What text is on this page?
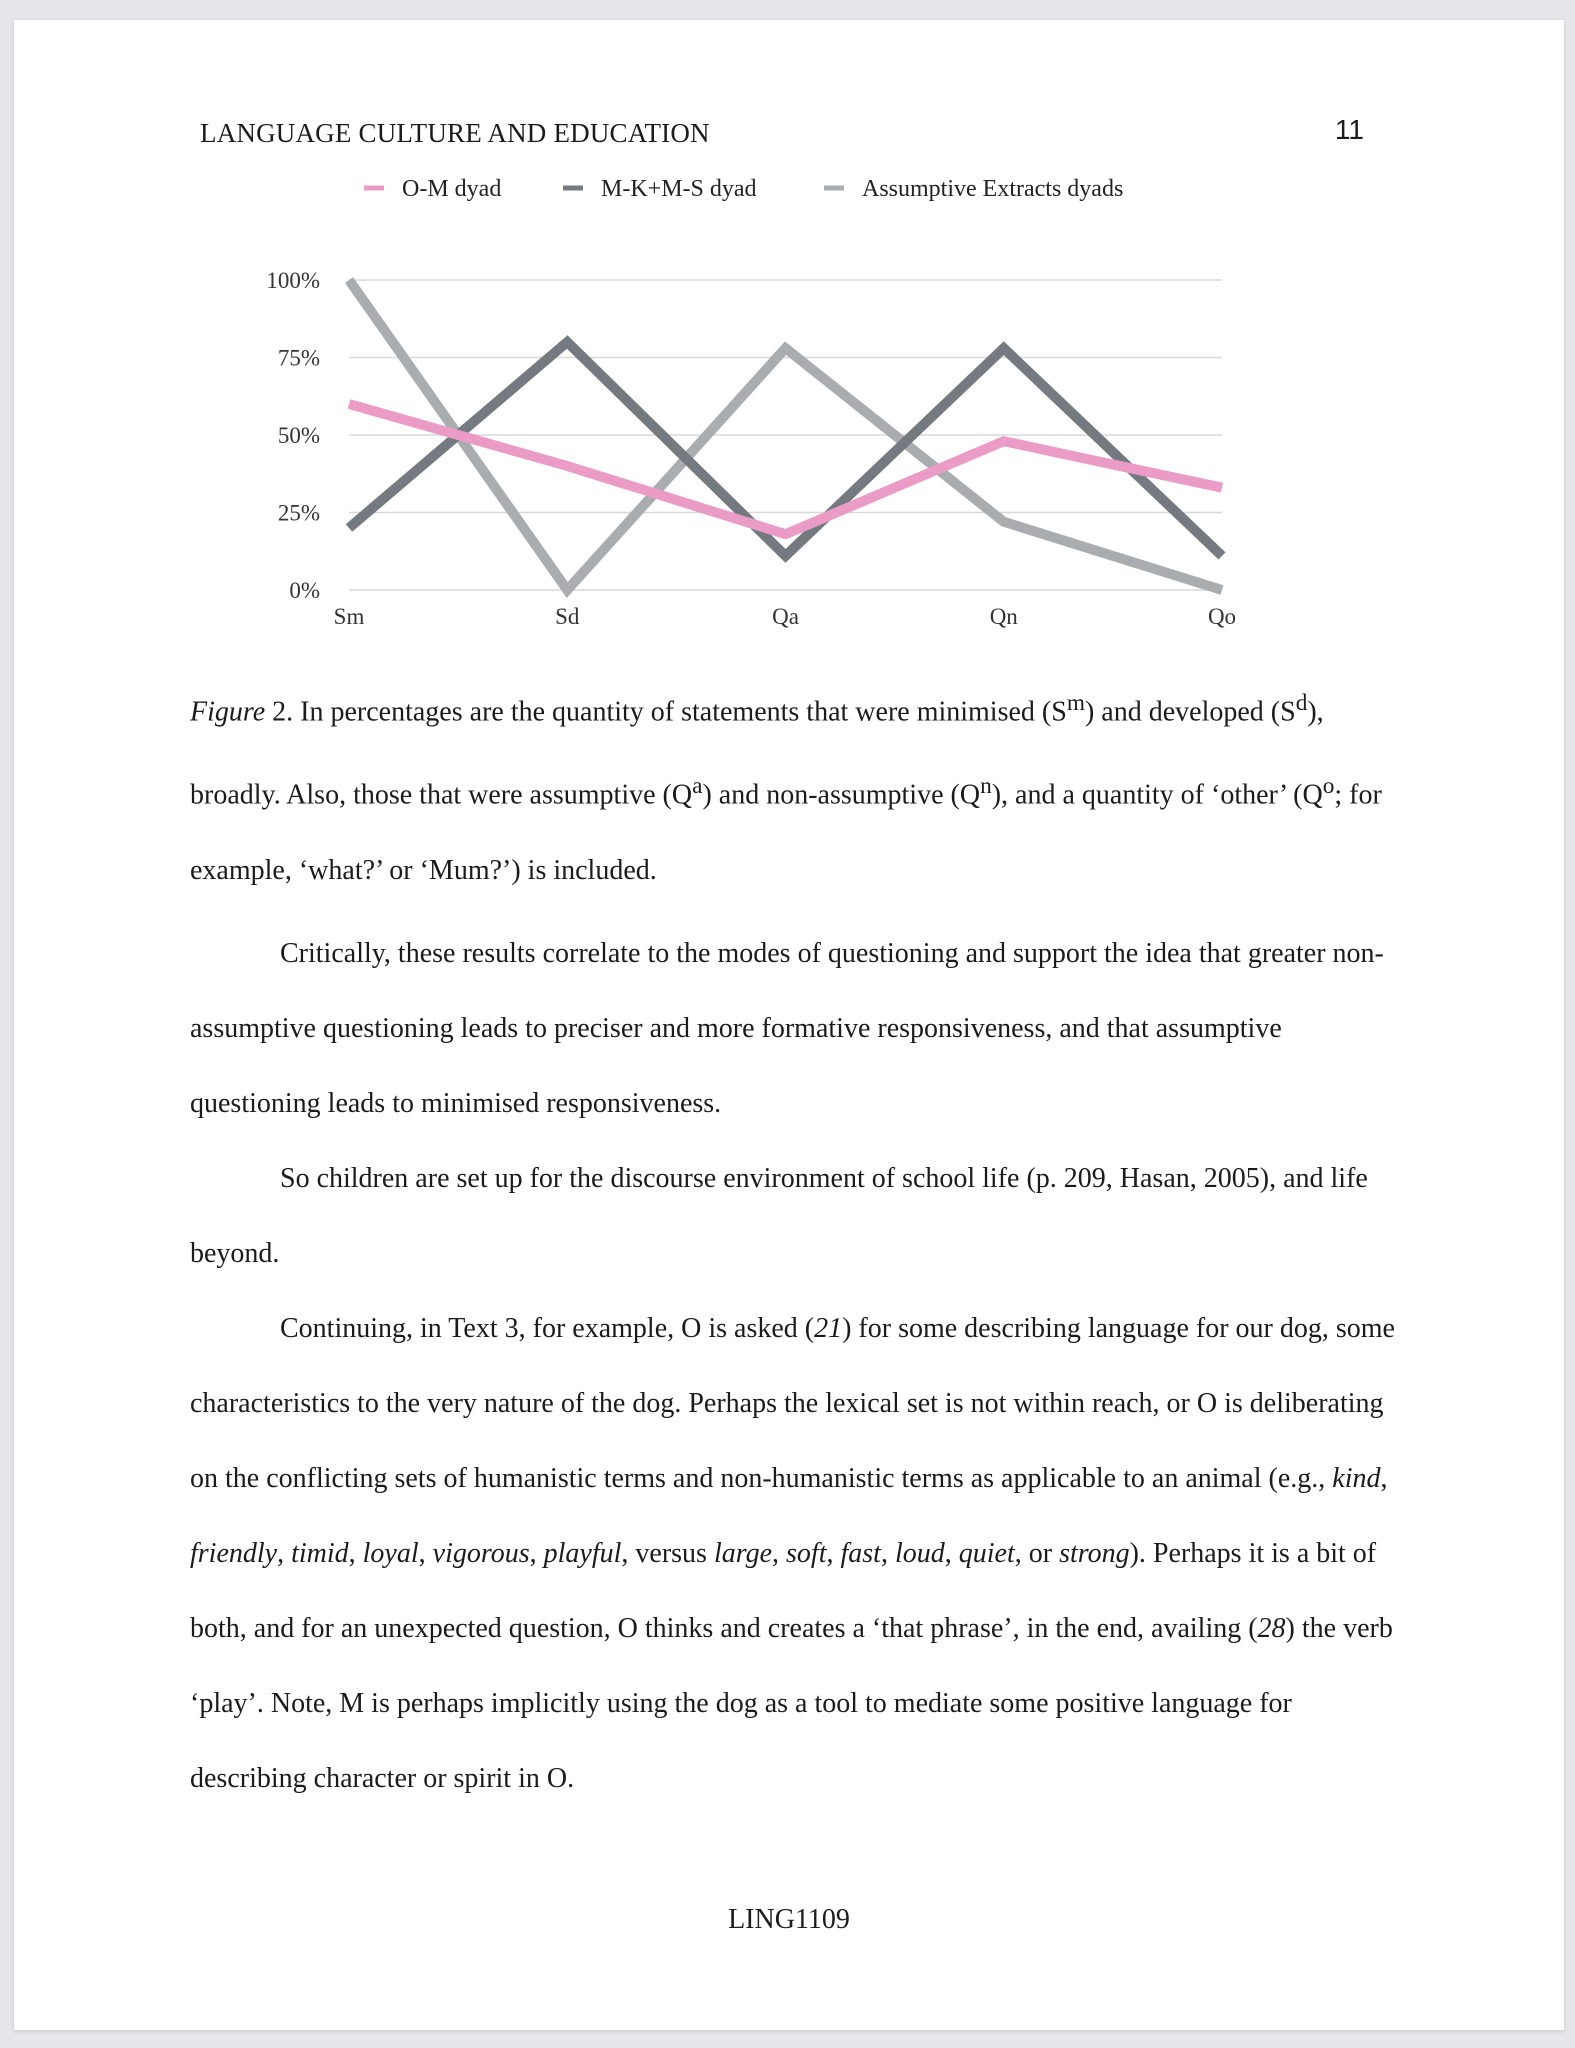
LANGUAGE CULTURE AND EDUCATION	11
O-M dyad	M-K+M-S dyad	Assumptive Extracts dyads
0%
25%
50%
75%
100%
Sm	Sd	Qa	Qn	Qo
Figure 2. In percentages are the quantity of statements that were minimised $(S^m)$ and developed $(S^d)$, broadly. Also, those that were assumptive $(Q^a)$ and non-assumptive $(Q^n)$, and a quantity of ‘other’ ($Q^o$; for example, ‘what?’ or ‘Mum?’) is included.
Critically, these results correlate to the modes of questioning and support the idea that greater non-assumptive questioning leads to preciser and more formative responsiveness, and that assumptive questioning leads to minimised responsiveness.
So children are set up for the discourse environment of school life (p. 209, Hasan, 2005), and life beyond.
Continuing, in Text 3, for example, O is asked (21) for some describing language for our dog, some characteristics to the very nature of the dog. Perhaps the lexical set is not within reach, or O is deliberating on the conflicting sets of humanistic terms and non-humanistic terms as applicable to an animal (e.g., kind, friendly, timid, loyal, vigorous, playful, versus large, soft, fast, loud, quiet, or strong). Perhaps it is a bit of both, and for an unexpected question, O thinks and creates a ‘that phrase’, in the end, availing (28) the verb ‘play’. Note, M is perhaps implicitly using the dog as a tool to mediate some positive language for describing character or spirit in O.
LING1109
